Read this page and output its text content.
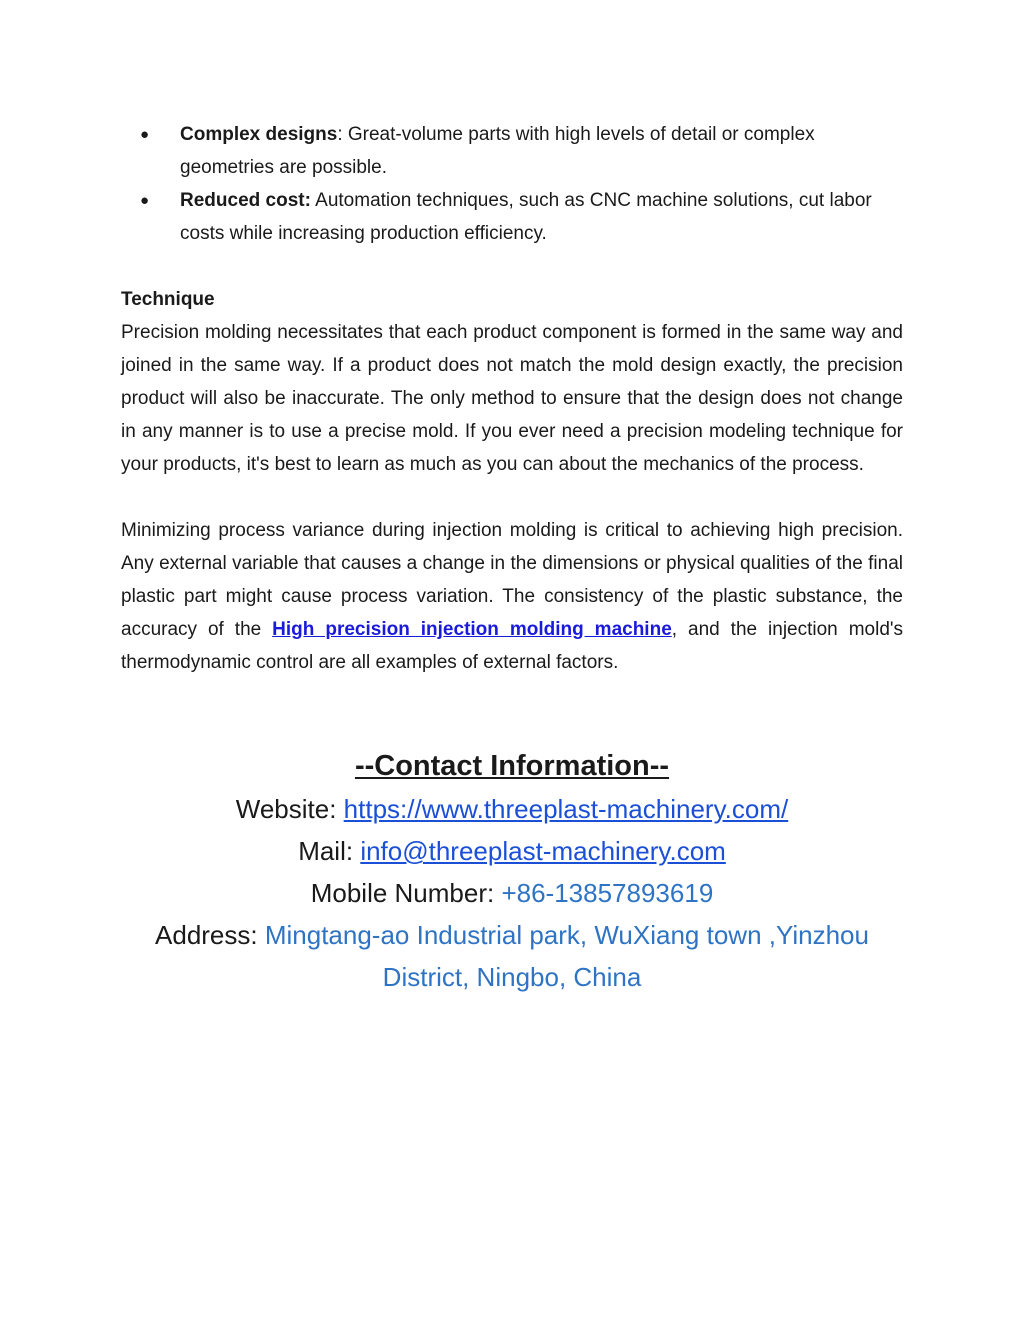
● Complex designs: Great-volume parts with high levels of detail or complex geometries are possible.
● Reduced cost: Automation techniques, such as CNC machine solutions, cut labor costs while increasing production efficiency.
Technique

Precision molding necessitates that each product component is formed in the same way and joined in the same way. If a product does not match the mold design exactly, the precision product will also be inaccurate. The only method to ensure that the design does not change in any manner is to use a precise mold. If you ever need a precision modeling technique for your products, it's best to learn as much as you can about the mechanics of the process.

Minimizing process variance during injection molding is critical to achieving high precision. Any external variable that causes a change in the dimensions or physical qualities of the final plastic part might cause process variation. The consistency of the plastic substance, the accuracy of the High precision injection molding machine, and the injection mold's thermodynamic control are all examples of external factors.

--Contact Information--
Website: https://www.threeplast-machinery.com/
Mail: info@threeplast-machinery.com
Mobile Number: +86-13857893619
Address: Mingtang-ao Industrial park, WuXiang town ,Yinzhou District, Ningbo, China
